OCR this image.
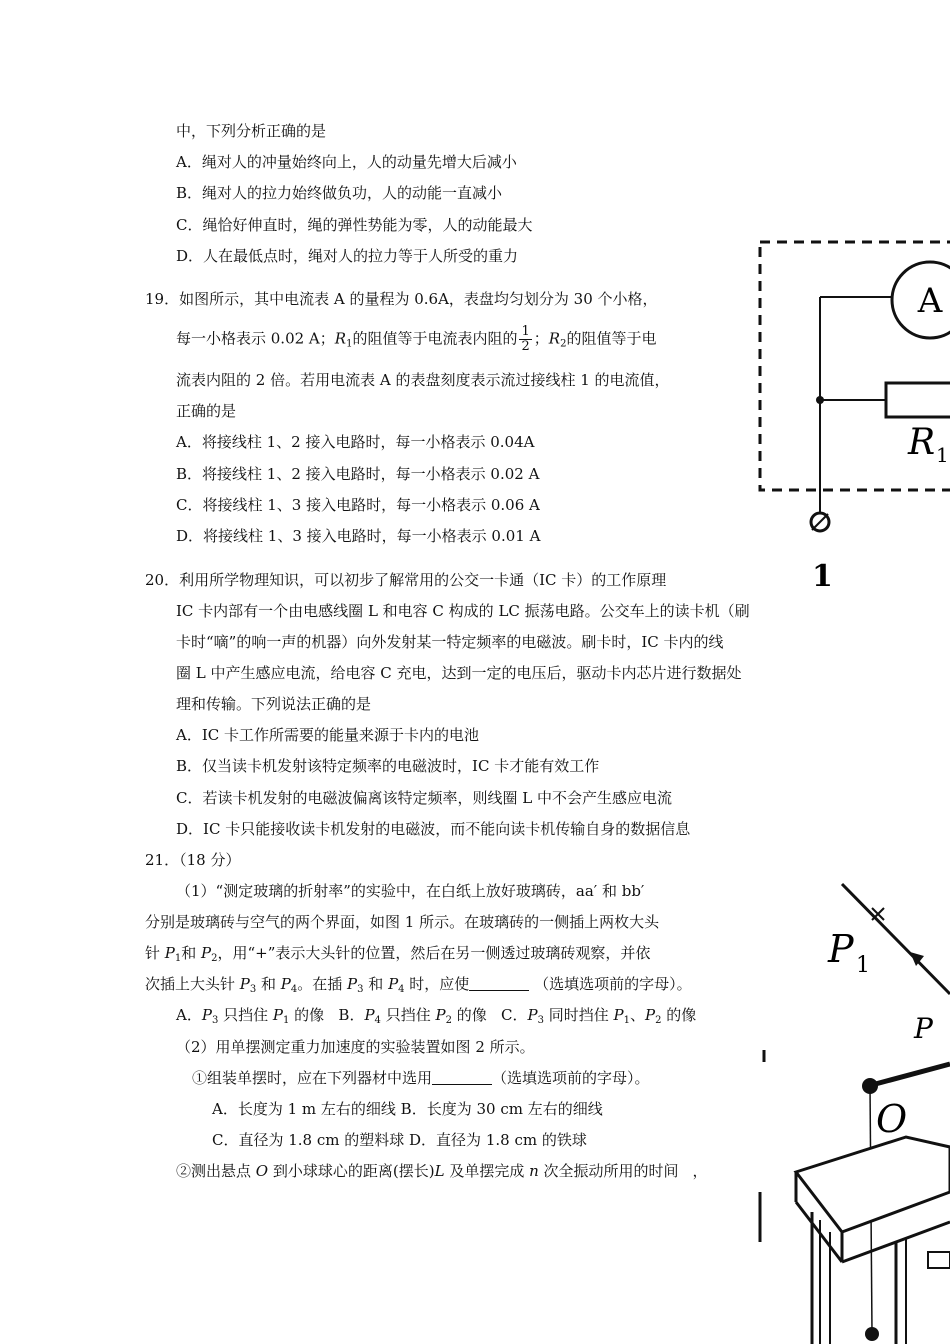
中，下列分析正确的是
A．绳对人的冲量始终向上，人的动量先增大后减小
B．绳对人的拉力始终做负功，人的动能一直减小
C．绳恰好伸直时，绳的弹性势能为零，人的动能最大
D．人在最低点时，绳对人的拉力等于人所受的重力
19．如图所示，其中电流表 A 的量程为 0.6A，表盘均匀划分为 30 个小格，
每一小格表示 0.02 A；$R_1$的阻值等于电流表内阻的 $\frac{1}{2}$ ；$R_2$的阻值等于电
流表内阻的 2 倍。若用电流表 A 的表盘刻度表示流过接线柱 1 的电流值，
正确的是
A．将接线柱 1、2 接入电路时，每一小格表示 0.04A
B．将接线柱 1、2 接入电路时，每一小格表示 0.02 A
C．将接线柱 1、3 接入电路时，每一小格表示 0.06 A
D．将接线柱 1、3 接入电路时，每一小格表示 0.01 A
20．利用所学物理知识，可以初步了解常用的公交一卡通（IC 卡）的工作原理
IC 卡内部有一个由电感线圈 L 和电容 C 构成的 LC 振荡电路。公交车上的读卡机（刷
卡时“嘀”的响一声的机器）向外发射某一特定频率的电磁波。刷卡时，IC 卡内的线
圈 L 中产生感应电流，给电容 C 充电，达到一定的电压后，驱动卡内芯片进行数据处
理和传输。下列说法正确的是
A．IC 卡工作所需要的能量来源于卡内的电池
B．仅当读卡机发射该特定频率的电磁波时，IC 卡才能有效工作
C．若读卡机发射的电磁波偏离该特定频率，则线圈 L 中不会产生感应电流
D．IC 卡只能接收读卡机发射的电磁波，而不能向读卡机传输自身的数据信息
21．（18 分）
（1）“测定玻璃的折射率”的实验中，在白纸上放好玻璃砖，aa′ 和 bb′
分别是玻璃砖与空气的两个界面，如图 1 所示。在玻璃砖的一侧插上两枚大头
针 $P_1$和 $P_2$，用“+”表示大头针的位置，然后在另一侧透过玻璃砖观察，并依
次插上大头针 $P_3$ 和 $P_4$。在插 $P_3$ 和 $P_4$ 时，应使	（选填选项前的字母）。
A．$P_3$ 只挡住 $P_1$ 的像 B．$P_4$ 只挡住 $P_2$ 的像 C．$P_3$ 同时挡住 $P_1$、$P_2$ 的像
（2）用单摆测定重力加速度的实验装置如图 2 所示。
①组装单摆时，应在下列器材中选用	（选填选项前的字母）。
A．长度为 1 m 左右的细线 B．长度为 30 cm 左右的细线
C．直径为 1.8 cm 的塑料球 D．直径为 1.8 cm 的铁球
②测出悬点 O 到小球球心的距离(摆长)L 及单摆完成 n 次全振动所用的时间 ，
A
R 1
1
P 1
P
O
